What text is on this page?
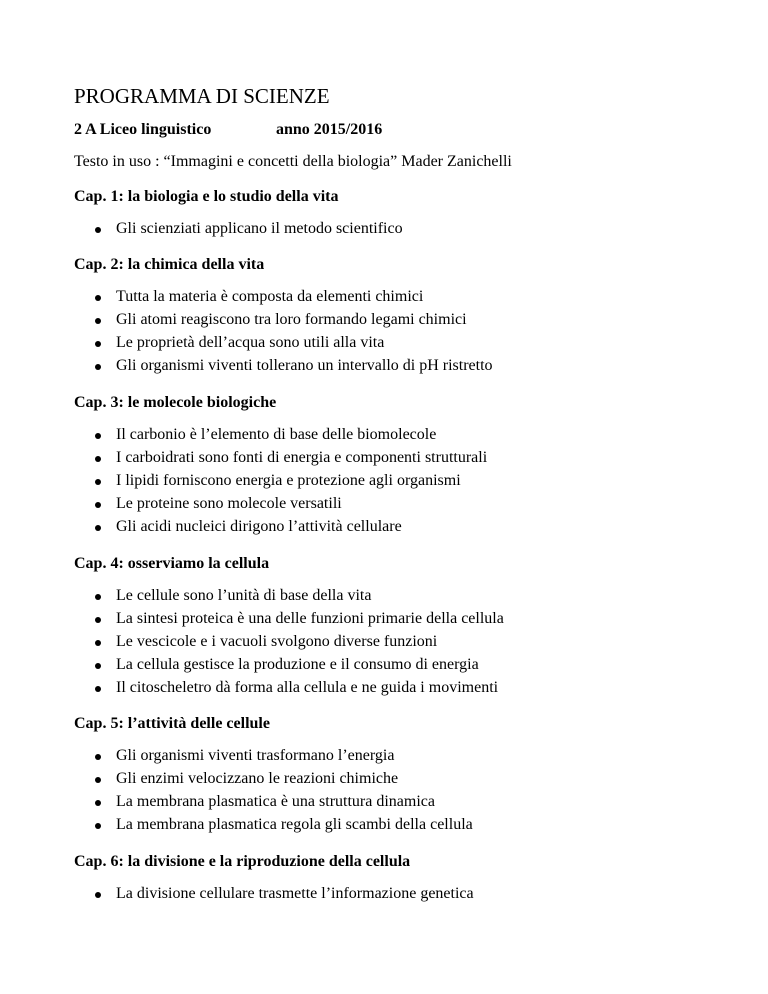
PROGRAMMA DI SCIENZE
2 A Liceo linguistico	anno 2015/2016
Testo in uso : “Immagini e concetti della biologia” Mader Zanichelli
Cap. 1: la biologia e lo studio della vita
Gli scienziati applicano il metodo scientifico
Cap. 2: la chimica della vita
Tutta la materia è composta da elementi chimici
Gli atomi reagiscono tra loro formando legami chimici
Le proprietà dell’acqua sono utili alla vita
Gli organismi viventi tollerano un intervallo di pH ristretto
Cap. 3: le molecole biologiche
Il carbonio è l’elemento di base delle biomolecole
I carboidrati sono fonti di energia e componenti strutturali
I lipidi forniscono energia e protezione agli organismi
Le proteine sono molecole versatili
Gli acidi nucleici dirigono l’attività cellulare
Cap. 4: osserviamo la cellula
Le cellule sono l’unità di base della vita
La sintesi proteica è una delle funzioni primarie della cellula
Le vescicole e i vacuoli svolgono diverse funzioni
La cellula gestisce la produzione e il consumo di energia
Il citoscheletro dà forma alla cellula e ne guida i movimenti
Cap. 5: l’attività delle cellule
Gli organismi viventi trasformano l’energia
Gli enzimi velocizzano le reazioni chimiche
La membrana plasmatica è una struttura dinamica
La membrana plasmatica regola gli scambi della cellula
Cap. 6: la divisione e la riproduzione della cellula
La divisione cellulare trasmette l’informazione genetica
